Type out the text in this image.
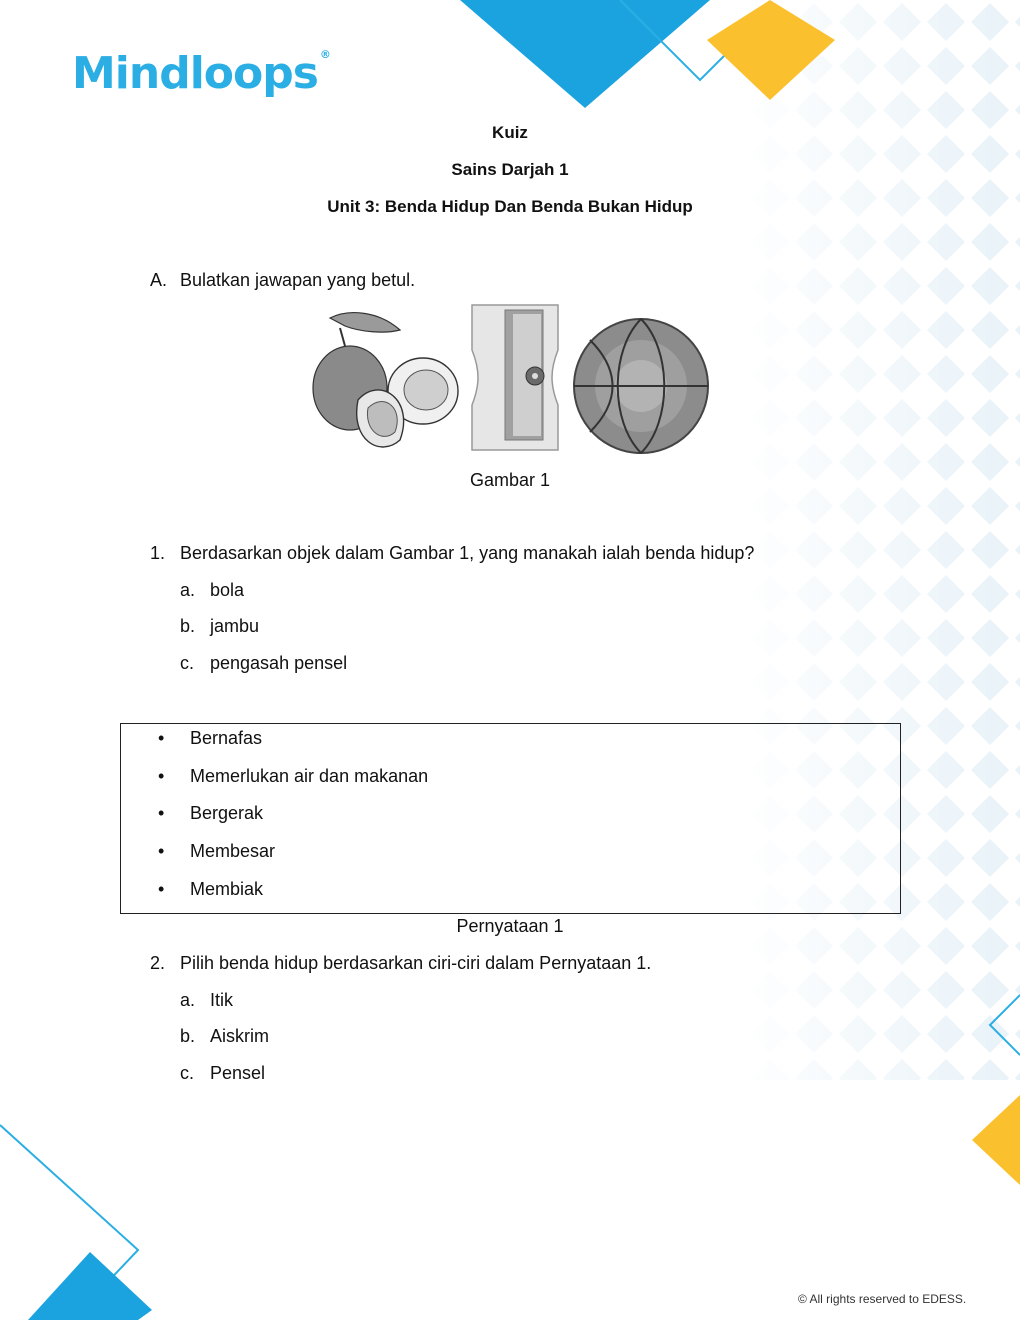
Mindloops ®
Kuiz
Sains Darjah 1
Unit 3: Benda Hidup Dan Benda Bukan Hidup
A. Bulatkan jawapan yang betul.
Gambar 1
1. Berdasarkan objek dalam Gambar 1, yang manakah ialah benda hidup?
a. bola
b. jambu
c. pengasah pensel
• Bernafas
• Memerlukan air dan makanan
• Bergerak
• Membesar
• Membiak
Pernyataan 1
2. Pilih benda hidup berdasarkan ciri-ciri dalam Pernyataan 1.
a. Itik
b. Aiskrim
c. Pensel
© All rights reserved to EDESS.
